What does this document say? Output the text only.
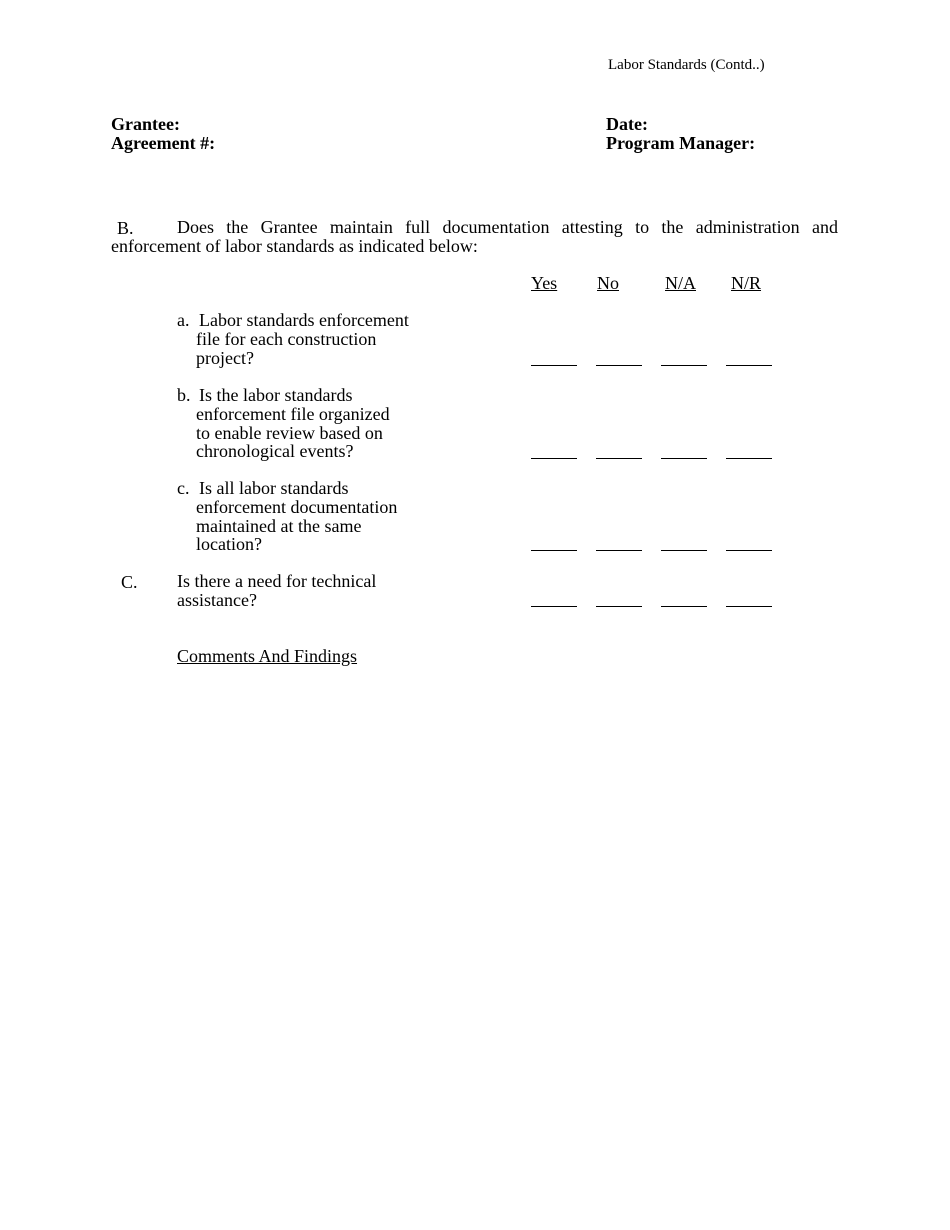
Labor Standards (Contd..)
Grantee:
Agreement #:
Date:
Program Manager:
B.	Does the Grantee maintain full documentation attesting to the administration and
enforcement of labor standards as indicated below:
Yes No	N/A N/R
a. Labor standards enforcement
file for each construction
project?
b. Is the labor standards
enforcement file organized
to enable review based on
chronological events?
c. Is all labor standards
enforcement documentation
maintained at the same
location?
C. Is there a need for technical
assistance?
Comments And Findings
